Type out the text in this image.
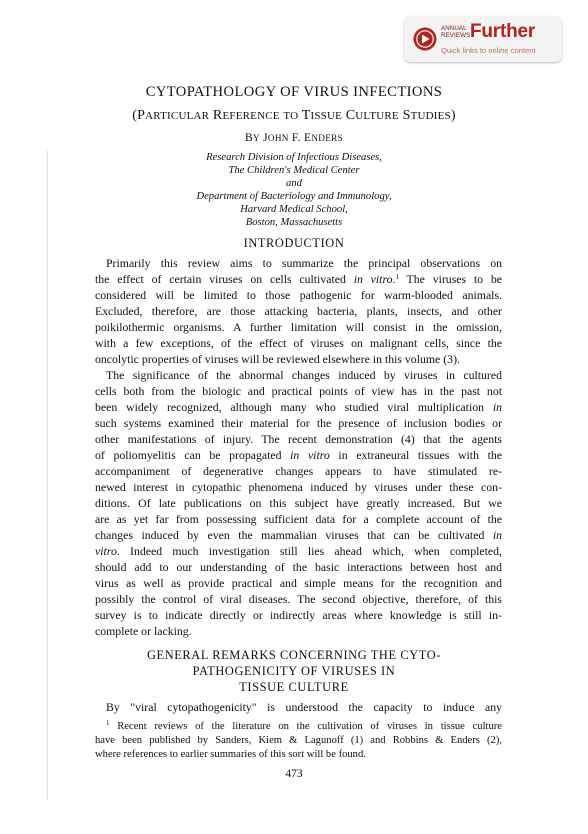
ANNUAL
REVIEWS Further
Quick links to online content
CYTOPATHOLOGY OF VIRUS INFECTIONS
(PARTICULAR REFERENCE TO TISSUE CULTURE STUDIES)
BY JOHN F. ENDERS
Research Division of Infectious Diseases,
The Children's Medical Center
and
Department of Bacteriology and Immunology,
Harvard Medical School,
Boston, Massachusetts
INTRODUCTION
Primarily this review aims to summarize the principal observations on
the effect of certain viruses on cells cultivated in vitro.$^1$ The viruses to be
considered will be limited to those pathogenic for warm-blooded animals.
Excluded, therefore, are those attacking bacteria, plants, insects, and other
poikilothermic organisms. A further limitation will consist in the omission,
with a few exceptions, of the effect of viruses on malignant cells, since the
oncolytic properties of viruses will be reviewed elsewhere in this volume (3).
The significance of the abnormal changes induced by viruses in cultured
cells both from the biologic and practical points of view has in the past not
been widely recognized, although many who studied viral multiplication in
such systems examined their material for the presence of inclusion bodies or
other manifestations of injury. The recent demonstration (4) that the agents
of poliomyelitis can be propagated in vitro in extraneural tissues with the
accompaniment of degenerative changes appears to have stimulated re-
newed interest in cytopathic phenomena induced by viruses under these con-
ditions. Of late publications on this subject have greatly increased. But we
are as yet far from possessing sufficient data for a complete account of the
changes induced by even the mammalian viruses that can be cultivated in
vitro. Indeed much investigation still lies ahead which, when completed,
should add to our understanding of the basic interactions between host and
virus as well as provide practical and simple means for the recognition and
possibly the control of viral diseases. The second objective, therefore, of this
survey is to indicate directly or indirectly areas where knowledge is still in-
complete or lacking.
GENERAL REMARKS CONCERNING THE CYTO-
PATHOGENICITY OF VIRUSES IN
TISSUE CULTURE
By "viral cytopathogenicity" is understood the capacity to induce any
$^1$ Recent reviews of the literature on the cultivation of viruses in tissue culture
have been published by Sanders, Kiem & Lagunoff (1) and Robbins & Enders (2),
where references to earlier summaries of this sort will be found.
473
